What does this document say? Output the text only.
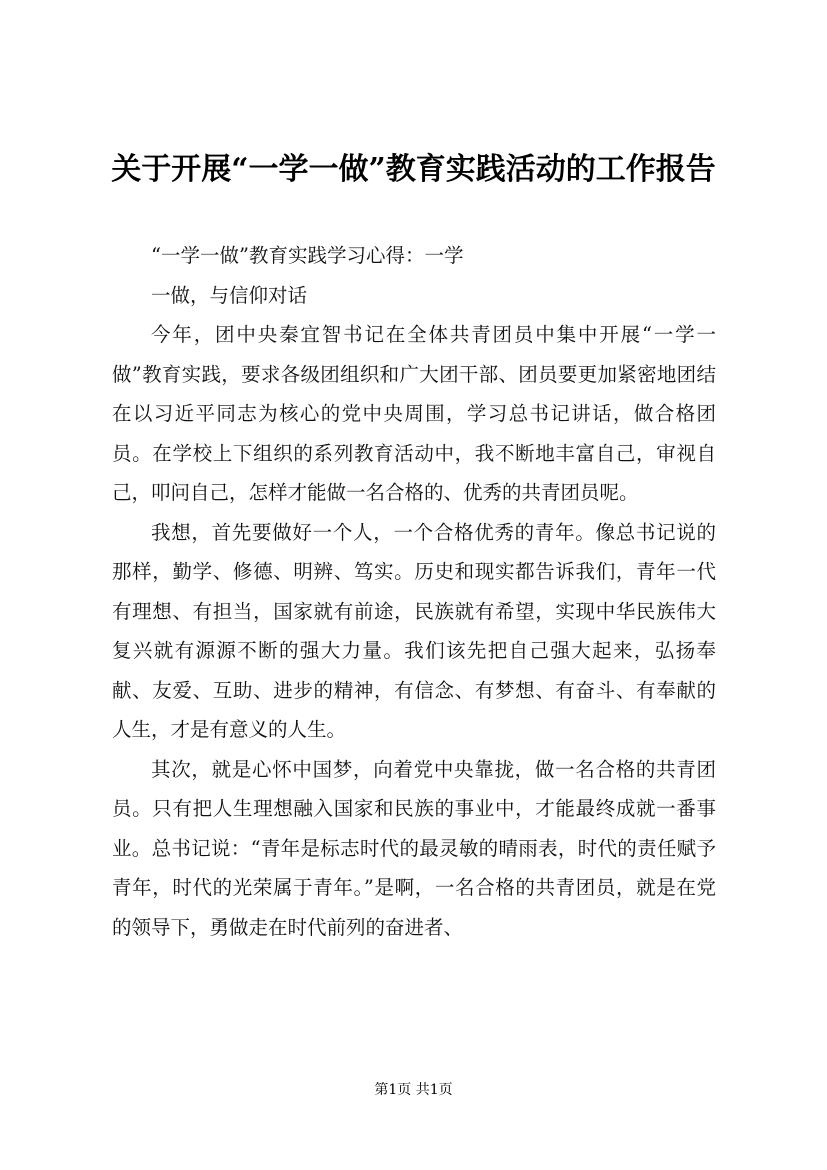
关于开展“一学一做”教育实践活动的工作报告

“一学一做”教育实践学习心得：一学

一做，与信仰对话

今年，团中央秦宜智书记在全体共青团员中集中开展“一学一做”教育实践，要求各级团组织和广大团干部、团员要更加紧密地团结在以习近平同志为核心的党中央周围，学习总书记讲话，做合格团员。在学校上下组织的系列教育活动中，我不断地丰富自己，审视自己，叩问自己，怎样才能做一名合格的、优秀的共青团员呢。

我想，首先要做好一个人，一个合格优秀的青年。像总书记说的那样，勤学、修德、明辨、笃实。历史和现实都告诉我们，青年一代有理想、有担当，国家就有前途，民族就有希望，实现中华民族伟大复兴就有源源不断的强大力量。我们该先把自己强大起来，弘扬奉献、友爱、互助、进步的精神，有信念、有梦想、有奋斗、有奉献的人生，才是有意义的人生。

其次，就是心怀中国梦，向着党中央靠拢，做一名合格的共青团员。只有把人生理想融入国家和民族的事业中，才能最终成就一番事业。总书记说：“青年是标志时代的最灵敏的晴雨表，时代的责任赋予青年，时代的光荣属于青年。”是啊，一名合格的共青团员，就是在党的领导下，勇做走在时代前列的奋进者、

第1页 共1页
